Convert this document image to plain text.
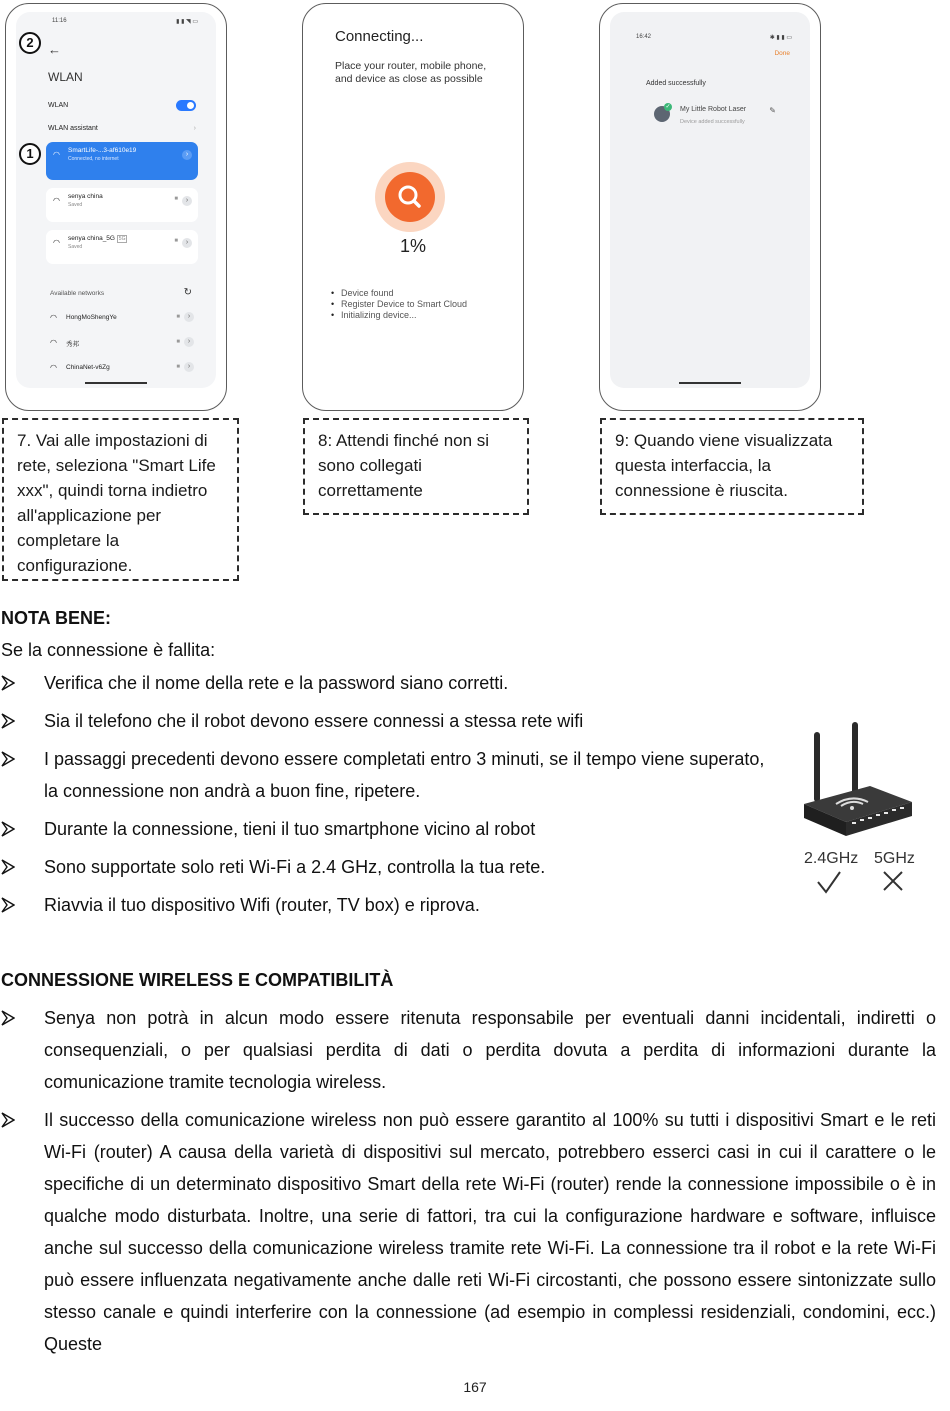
11:16	▮ ▮ ◥ ▭
←
WLAN
WLAN
WLAN assistant	›
◠ SmartLife-...3-af610e19
Connected, no internet
›
◠ senya china
Saved
■	›
◠ senya china_5G 5G
Saved
■	›
Available networks	↻
◠ HongMoShengYe	■	›
◠ 秀邦	■	›
◠ ChinaNet-v6Zg	■	›
2
1
Connecting...
Place your router, mobile phone, and device as close as possible
1%
• Device found
• Register Device to Smart Cloud
• Initializing device...
16:42	✱ ▮ ▮ ▭
Done
Added successfully
✓ My Little Robot Laser
Device added successfully
✎
7. Vai alle impostazioni di rete, seleziona "Smart Life xxx", quindi torna indietro all'applicazione per completare la configurazione.
8: Attendi finché non si sono collegati correttamente
9: Quando viene visualizzata questa interfaccia, la connessione è riuscita.
NOTA BENE:
Se la connessione è fallita:
Verifica che il nome della rete e la password siano corretti.
Sia il telefono che il robot devono essere connessi a stessa rete wifi
I passaggi precedenti devono essere completati entro 3 minuti, se il tempo viene superato, la connessione non andrà a buon fine, ripetere.
Durante la connessione, tieni il tuo smartphone vicino al robot
Sono supportate solo reti Wi-Fi a 2.4 GHz, controlla la tua rete.
Riavvia il tuo dispositivo Wifi (router, TV box) e riprova.
2.4GHz 5GHz
CONNESSIONE WIRELESS E COMPATIBILITÀ
Senya non potrà in alcun modo essere ritenuta responsabile per eventuali danni incidentali, indiretti o consequenziali, o per qualsiasi perdita di dati o perdita dovuta a perdita di informazioni durante la comunicazione tramite tecnologia wireless.
Il successo della comunicazione wireless non può essere garantito al 100% su tutti i dispositivi Smart e le reti Wi-Fi (router) A causa della varietà di dispositivi sul mercato, potrebbero esserci casi in cui il carattere o le specifiche di un determinato dispositivo Smart della rete Wi-Fi (router) rende la connessione impossibile o è in qualche modo disturbata. Inoltre, una serie di fattori, tra cui la configurazione hardware e software, influisce anche sul successo della comunicazione wireless tramite rete Wi-Fi. La connessione tra il robot e la rete Wi-Fi può essere influenzata negativamente anche dalle reti Wi-Fi circostanti, che possono essere sintonizzate sullo stesso canale e quindi interferire con la connessione (ad esempio in complessi residenziali, condomini, ecc.) Queste
167
